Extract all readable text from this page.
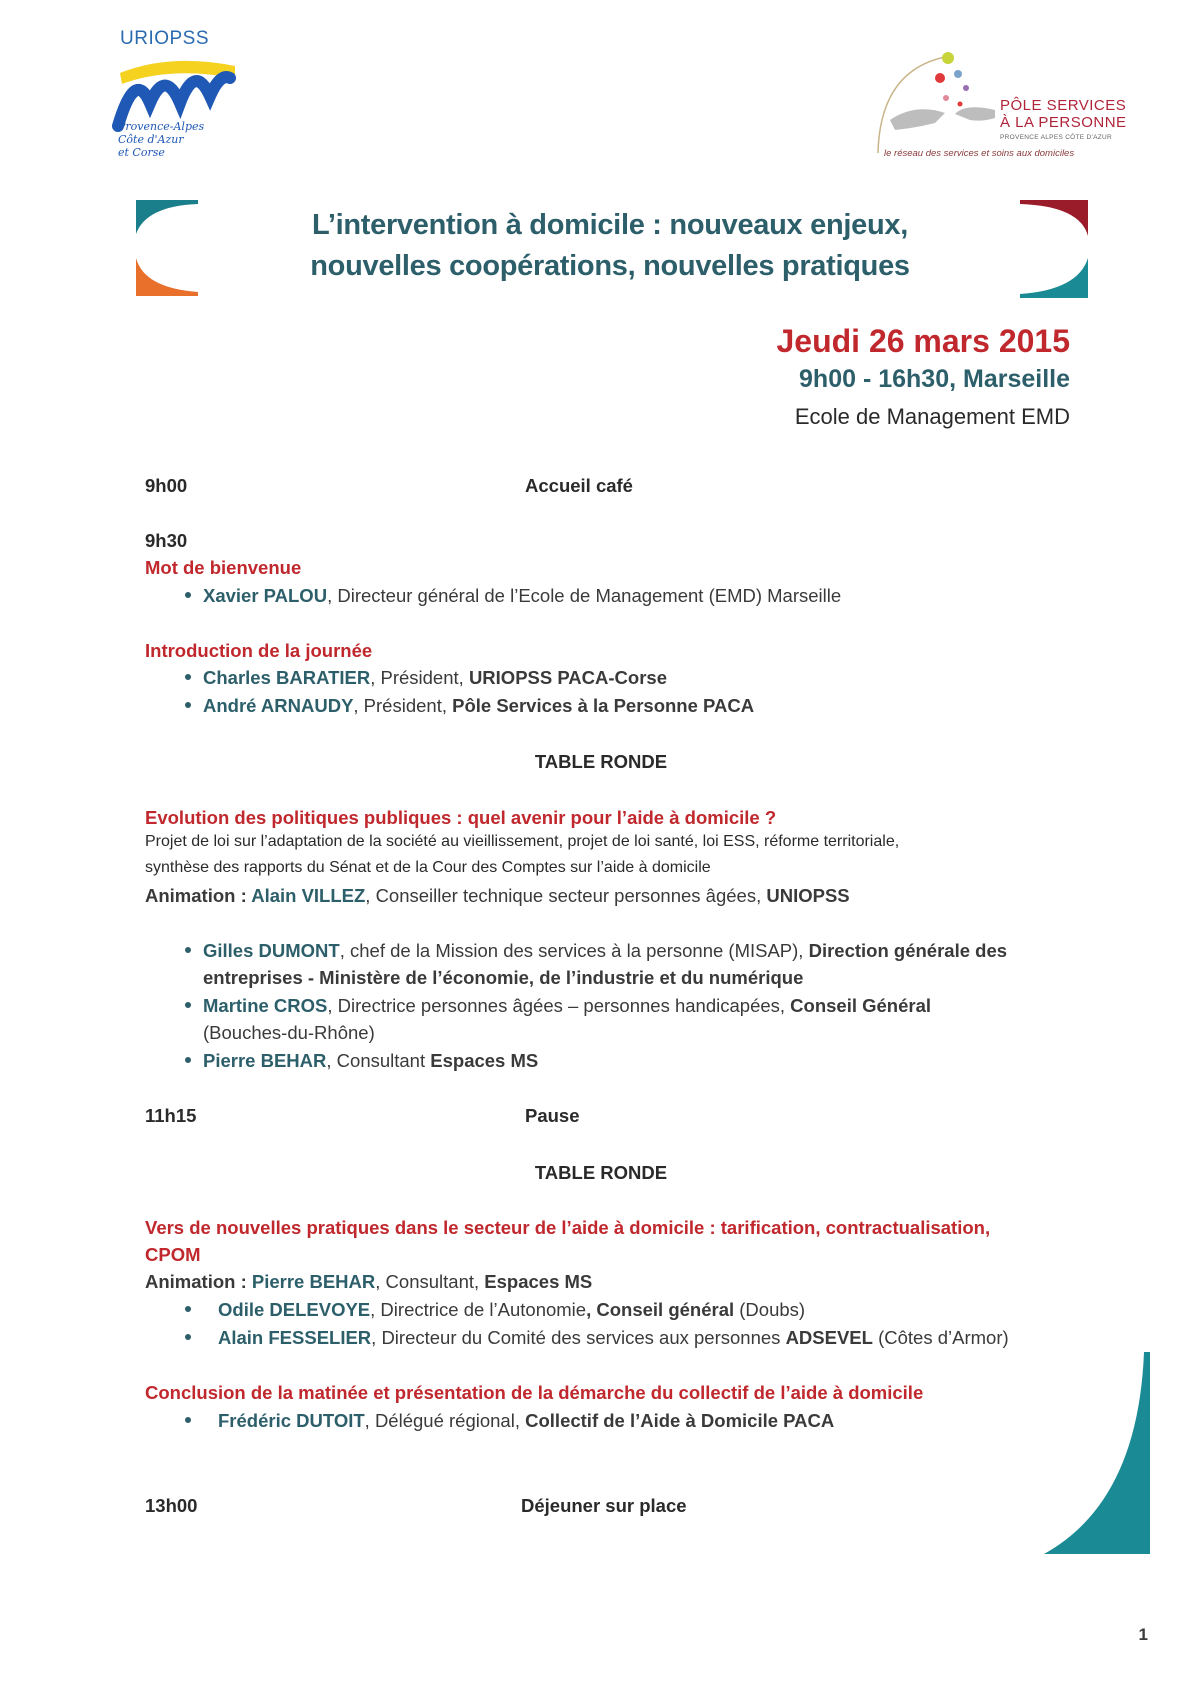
URIOPSS
Provence-Alpes
Côte d'Azur
et Corse
PÔLE SERVICES
À LA PERSONNE
PROVENCE ALPES CÔTE D'AZUR
le réseau des services et soins aux domiciles
L’intervention à domicile : nouveaux enjeux,
nouvelles coopérations, nouvelles pratiques
Jeudi 26 mars 2015
9h00 - 16h30, Marseille
Ecole de Management EMD
9h00	Accueil café
9h30
Mot de bienvenue
Xavier PALOU, Directeur général de l’Ecole de Management (EMD) Marseille
Introduction de la journée
Charles BARATIER, Président, URIOPSS PACA-Corse
André ARNAUDY, Président, Pôle Services à la Personne PACA
TABLE RONDE
Evolution des politiques publiques : quel avenir pour l’aide à domicile ?
Projet de loi sur l’adaptation de la société au vieillissement, projet de loi santé, loi ESS, réforme territoriale,
synthèse des rapports du Sénat et de la Cour des Comptes sur l’aide à domicile
Animation : Alain VILLEZ, Conseiller technique secteur personnes âgées, UNIOPSS
Gilles DUMONT, chef de la Mission des services à la personne (MISAP), Direction générale des
entreprises - Ministère de l’économie, de l’industrie et du numérique
Martine CROS, Directrice personnes âgées – personnes handicapées, Conseil Général
(Bouches-du-Rhône)
Pierre BEHAR, Consultant Espaces MS
11h15	Pause
TABLE RONDE
Vers de nouvelles pratiques dans le secteur de l’aide à domicile : tarification, contractualisation,
CPOM
Animation : Pierre BEHAR, Consultant, Espaces MS
Odile DELEVOYE, Directrice de l’Autonomie, Conseil général (Doubs)
Alain FESSELIER, Directeur du Comité des services aux personnes ADSEVEL (Côtes d’Armor)
Conclusion de la matinée et présentation de la démarche du collectif de l’aide à domicile
Frédéric DUTOIT, Délégué régional, Collectif de l’Aide à Domicile PACA
13h00	Déjeuner sur place
1
